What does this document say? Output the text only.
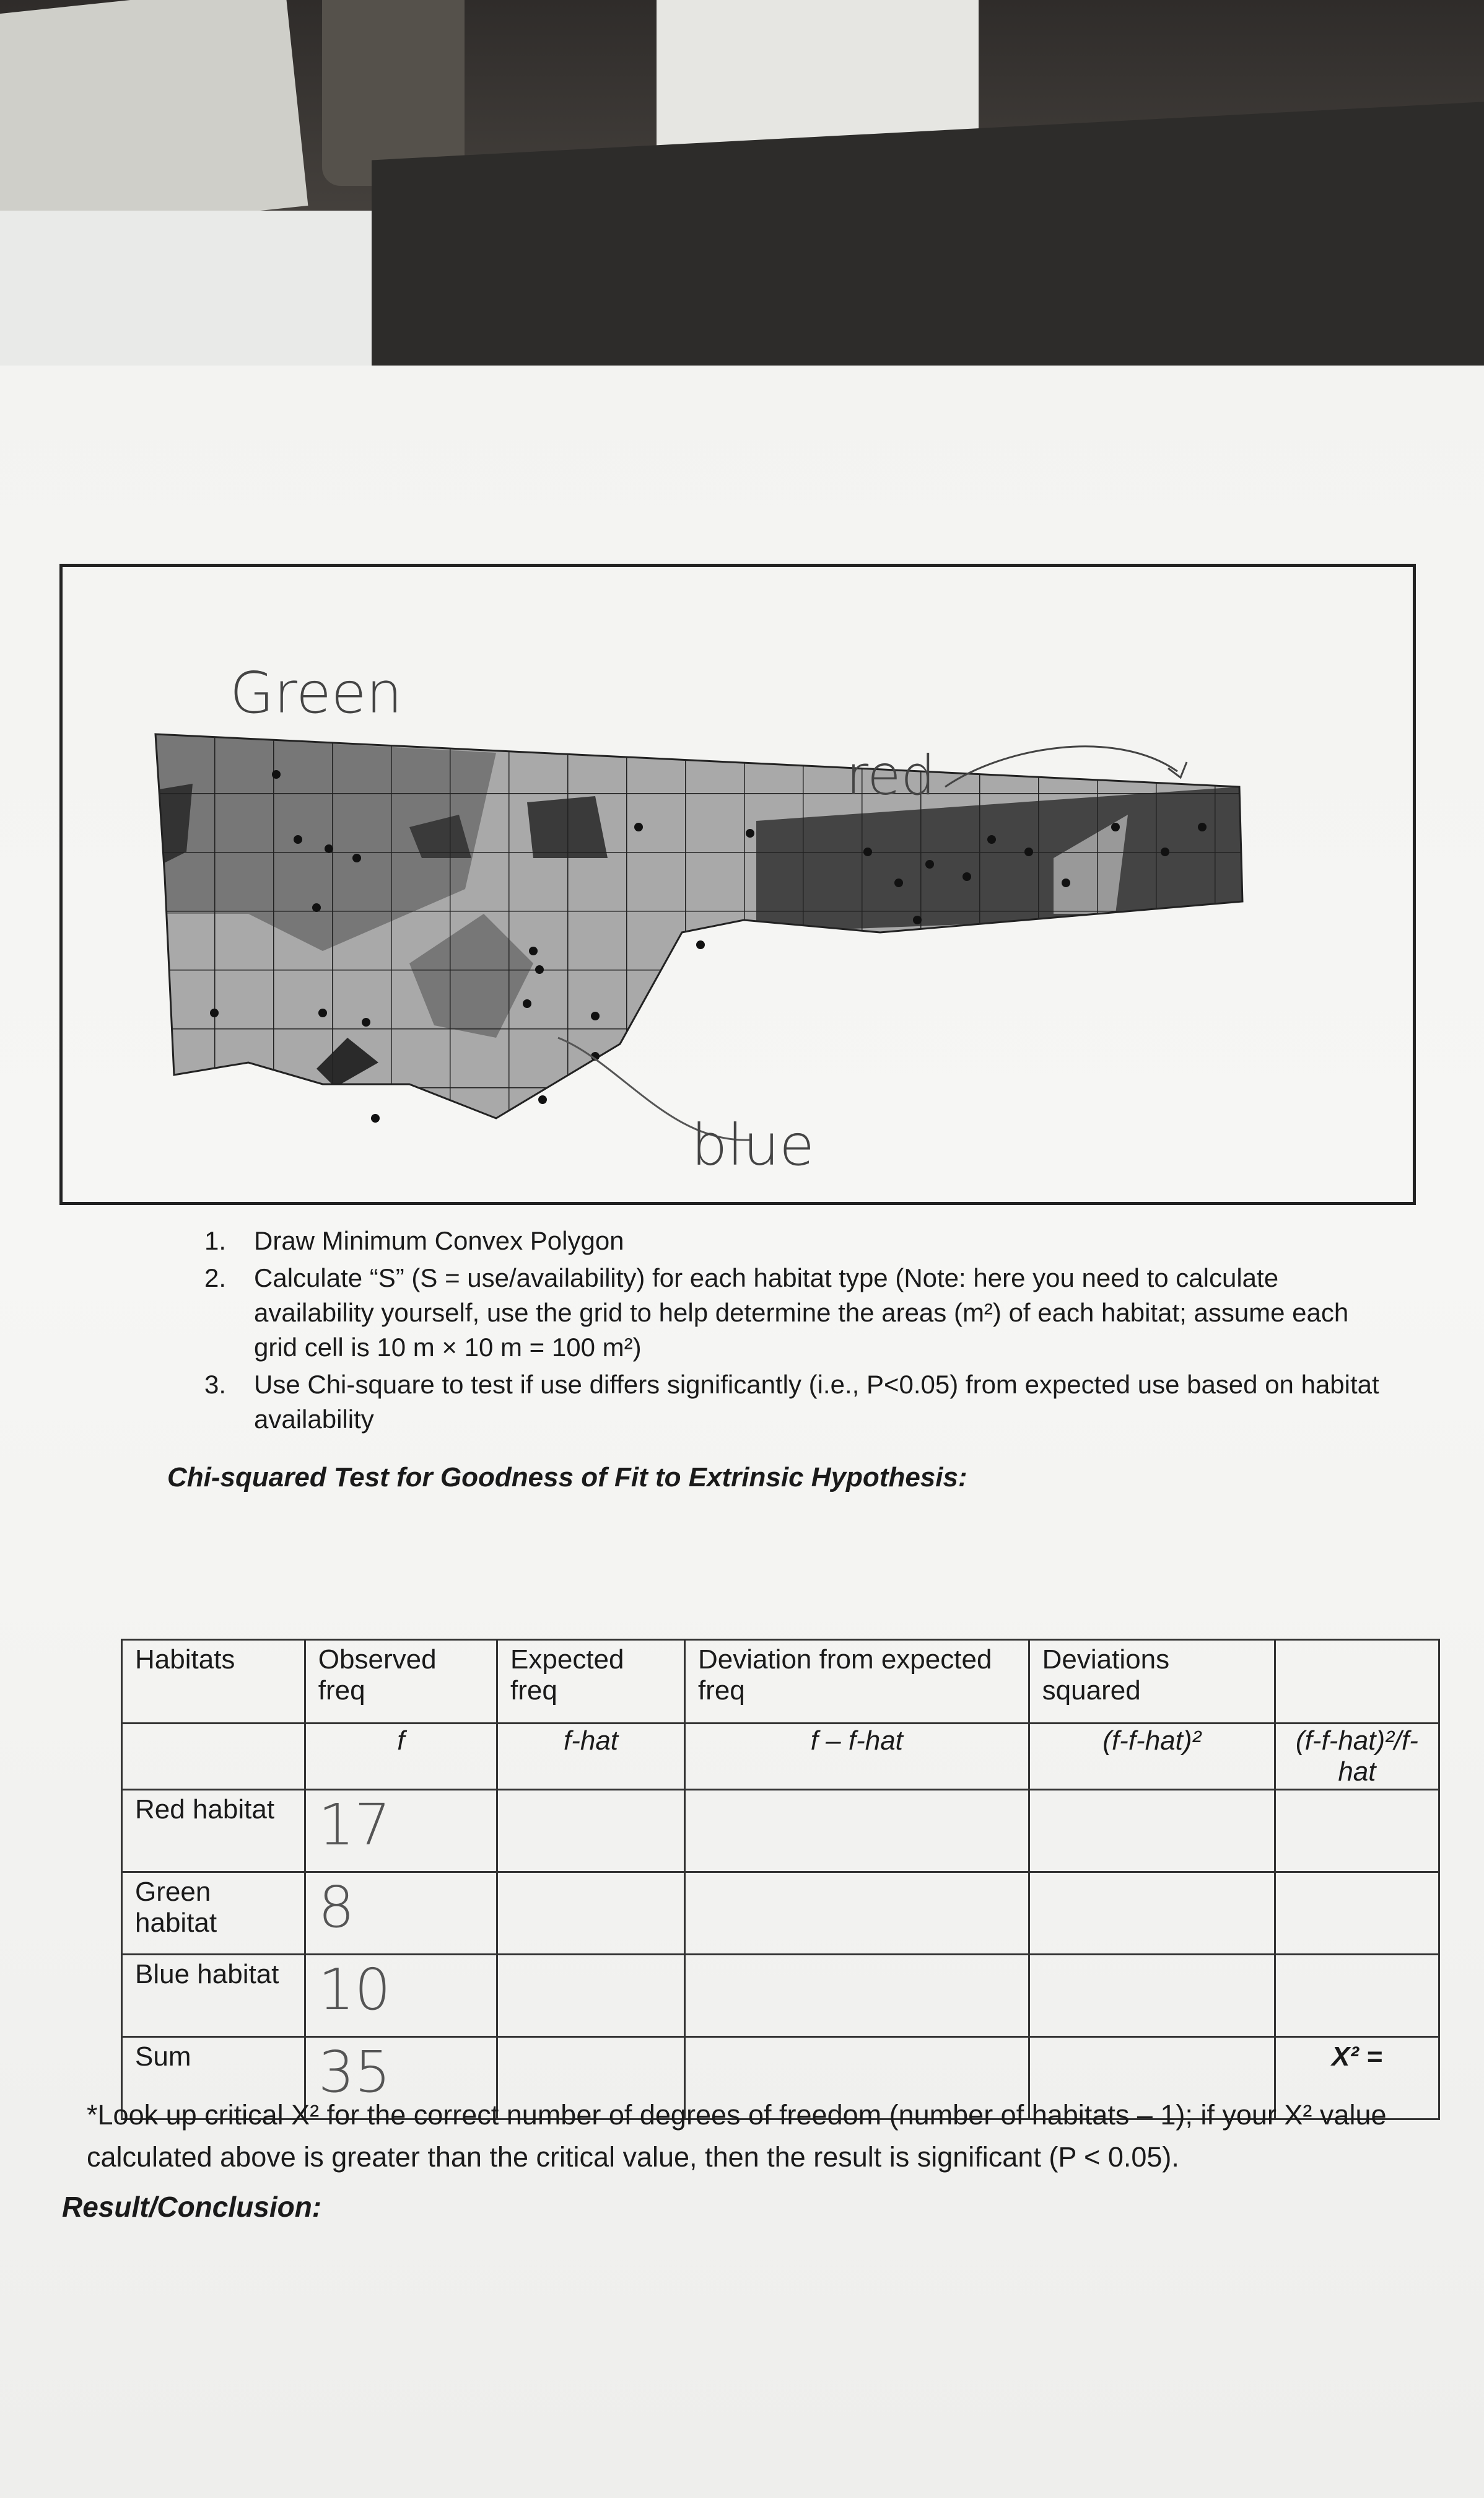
Green
red
blue
1. Draw Minimum Convex Polygon
2. Calculate “S” (S = use/availability) for each habitat type (Note: here you need to calculate availability yourself, use the grid to help determine the areas (m²) of each habitat; assume each grid cell is 10 m × 10 m = 100 m²)
3. Use Chi-square to test if use differs significantly (i.e., P<0.05) from expected use based on habitat availability
Chi-squared Test for Goodness of Fit to Extrinsic Hypothesis:
Habitats	Observed freq	Expected freq	Deviation from expected freq	Deviations squared	
	f	f-hat	f – f-hat	(f-f-hat)²	(f-f-hat)²/f-hat
Red habitat	17				
Green habitat	8				
Blue habitat	10				
Sum	35				X² =
*Look up critical X² for the correct number of degrees of freedom (number of habitats – 1); if your X² value calculated above is greater than the critical value, then the result is significant (P < 0.05).
Result/Conclusion:
